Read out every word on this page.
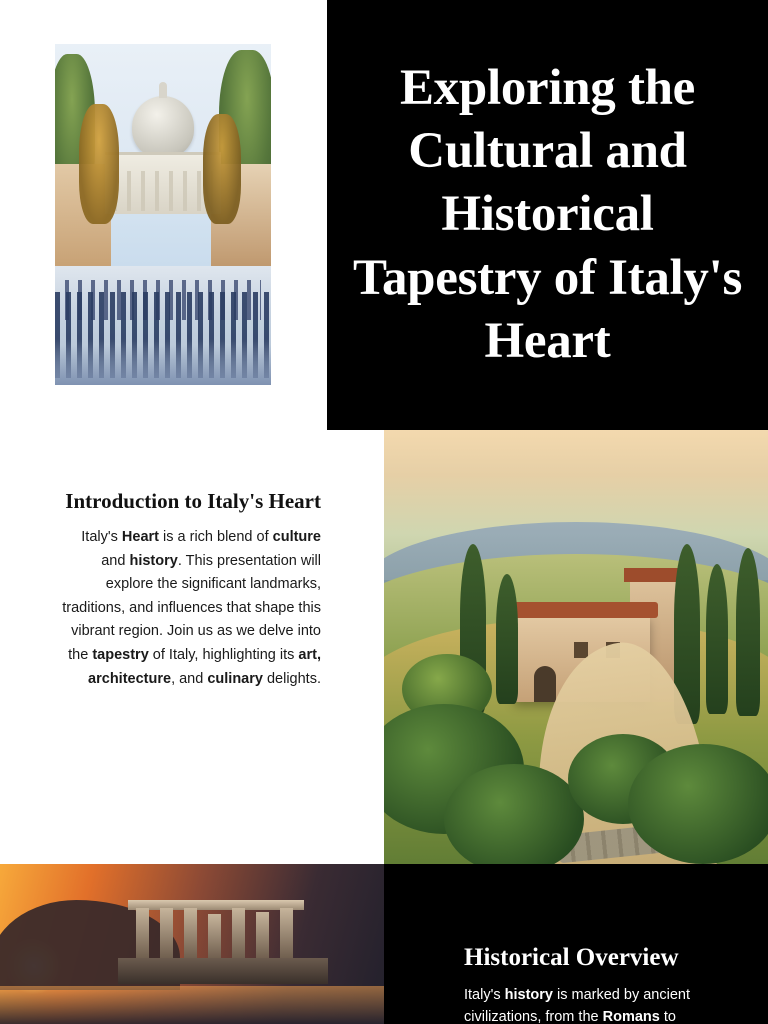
Exploring the Cultural and Historical Tapestry of Italy's Heart
Introduction to Italy's Heart

Italy's Heart is a rich blend of culture and history. This presentation will explore the significant landmarks, traditions, and influences that shape this vibrant region. Join us as we delve into the tapestry of Italy, highlighting its art, architecture, and culinary delights.

Historical Overview

Italy's history is marked by ancient civilizations, from the Romans to
